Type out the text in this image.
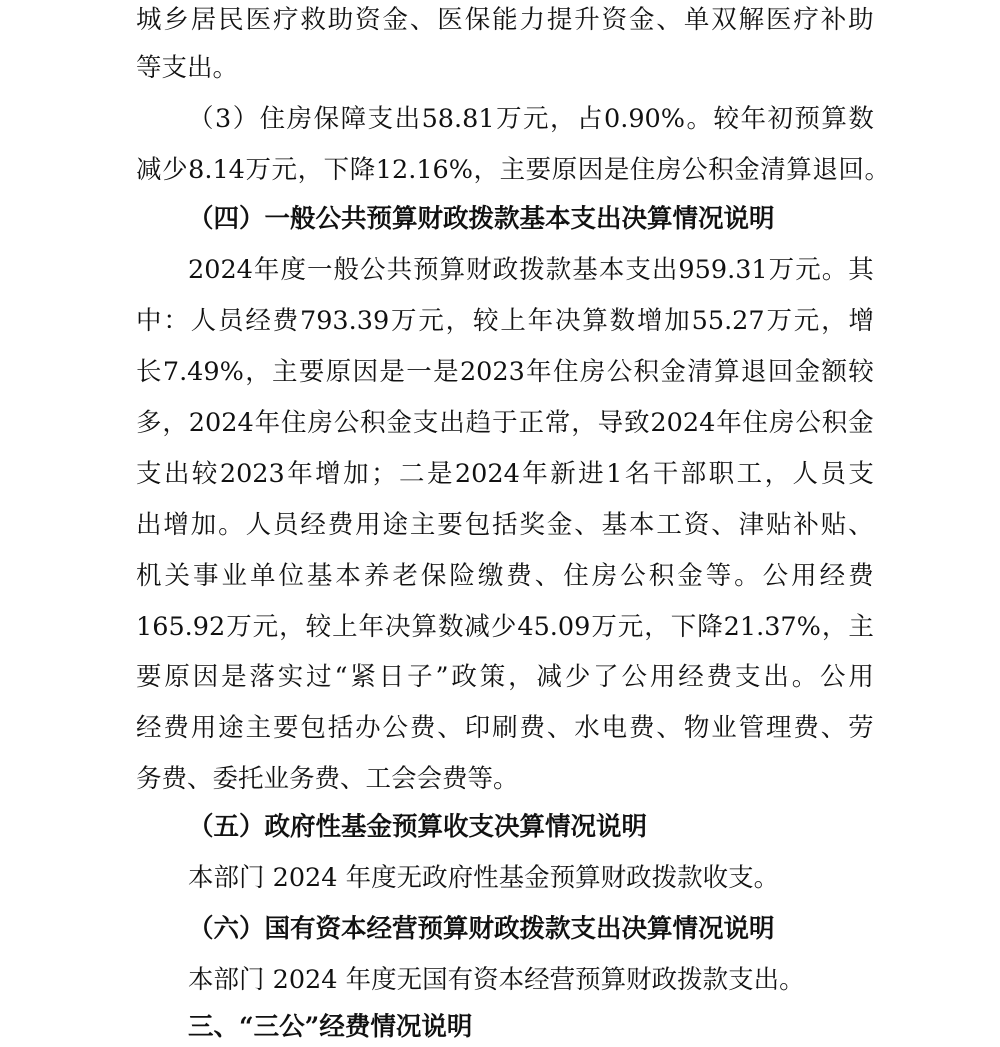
城 乡 居 民 医 疗 救 助 资 金 、 医 保 能 力 提 升 资 金 、 单 双 解 医 疗 补 助
等支出。
（ 3 ） 住 房 保 障 支 出 58.81 万 元 ， 占 0.90% 。 较 年 初 预 算 数
减 少 8.14 万 元 ， 下 降 12.16% ， 主 要 原 因 是 住 房 公 积 金 清 算 退 回 。
（四）一般公共预算财政拨款基本支出决算情况说明
2024 年 度 一 般 公 共 预 算 财 政 拨 款 基 本 支 出 959.31 万 元 。 其
中 ： 人 员 经 费 793.39 万 元 ， 较 上 年 决 算 数 增 加 55.27 万 元 ， 增
长 7.49% ， 主 要 原 因 是 一 是 2023 年 住 房 公 积 金 清 算 退 回 金 额 较
多 ， 2024 年 住 房 公 积 金 支 出 趋 于 正 常 ， 导 致 2024 年 住 房 公 积 金
支 出 较 2023 年 增 加 ； 二 是 2024 年 新 进 1 名 干 部 职 工 ， 人 员 支
出 增 加 。 人 员 经 费 用 途 主 要 包 括 奖 金 、 基 本 工 资 、 津 贴 补 贴 、
机 关 事 业 单 位 基 本 养 老 保 险 缴 费 、 住 房 公 积 金 等 。 公 用 经 费
165.92 万 元 ， 较 上 年 决 算 数 减 少 45.09 万 元 ， 下 降 21.37% ， 主
要 原 因 是 落 实 过 “ 紧 日 子 ” 政 策 ， 减 少 了 公 用 经 费 支 出 。 公 用
经 费 用 途 主 要 包 括 办 公 费 、 印 刷 费 、 水 电 费 、 物 业 管 理 费 、 劳
务费、委托业务费、工会会费等。
（五）政府性基金预算收支决算情况说明
本部门 2024 年度无政府性基金预算财政拨款收支。
（六）国有资本经营预算财政拨款支出决算情况说明
本部门 2024 年度无国有资本经营预算财政拨款支出。
三、“三公”经费情况说明
